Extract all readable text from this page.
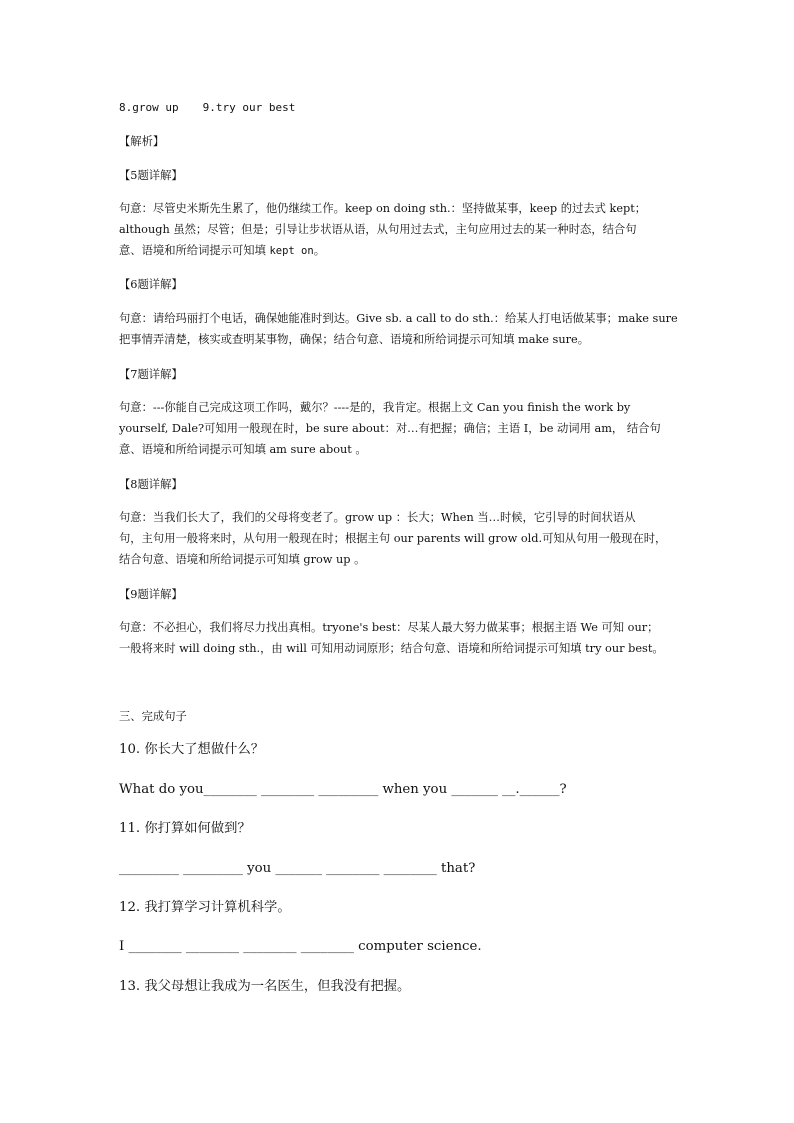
8.grow up 9.try our best
【解析】
【5题详解】
句意：尽管史米斯先生累了，他仍继续工作。keep on doing sth.：坚持做某事，keep 的过去式 kept；
although 虽然；尽管；但是；引导让步状语从语，从句用过去式，主句应用过去的某一种时态，结合句
意、语境和所给词提示可知填 kept on。
【6题详解】
句意：请给玛丽打个电话，确保她能准时到达。Give sb. a call to do sth.：给某人打电话做某事；make sure
把事情弄清楚，核实或查明某事物，确保；结合句意、语境和所给词提示可知填 make sure。
【7题详解】
句意：---你能自己完成这项工作吗，戴尔？----是的，我肯定。根据上文 Can you finish the work by
yourself, Dale?可知用一般现在时，be sure about：对…有把握；确信；主语 I，be 动词用 am， 结合句
意、语境和所给词提示可知填 am sure about 。
【8题详解】
句意：当我们长大了，我们的父母将变老了。grow up ：长大；When 当…时候，它引导的时间状语从
句，主句用一般将来时，从句用一般现在时；根据主句 our parents will grow old.可知从句用一般现在时，
结合句意、语境和所给词提示可知填 grow up 。
【9题详解】
句意：不必担心，我们将尽力找出真相。tryone's best：尽某人最大努力做某事；根据主语 We 可知 our；
一般将来时 will doing sth.，由 will 可知用动词原形；结合句意、语境和所给词提示可知填 try our best。
三、完成句子
10. 你长大了想做什么？
What do you________ ________ _________ when you _______ __.______?
11. 你打算如何做到？
_________ _________ you _______ ________ ________ that?
12. 我打算学习计算机科学。
I ________ ________ ________ ________ computer science.
13. 我父母想让我成为一名医生，但我没有把握。
